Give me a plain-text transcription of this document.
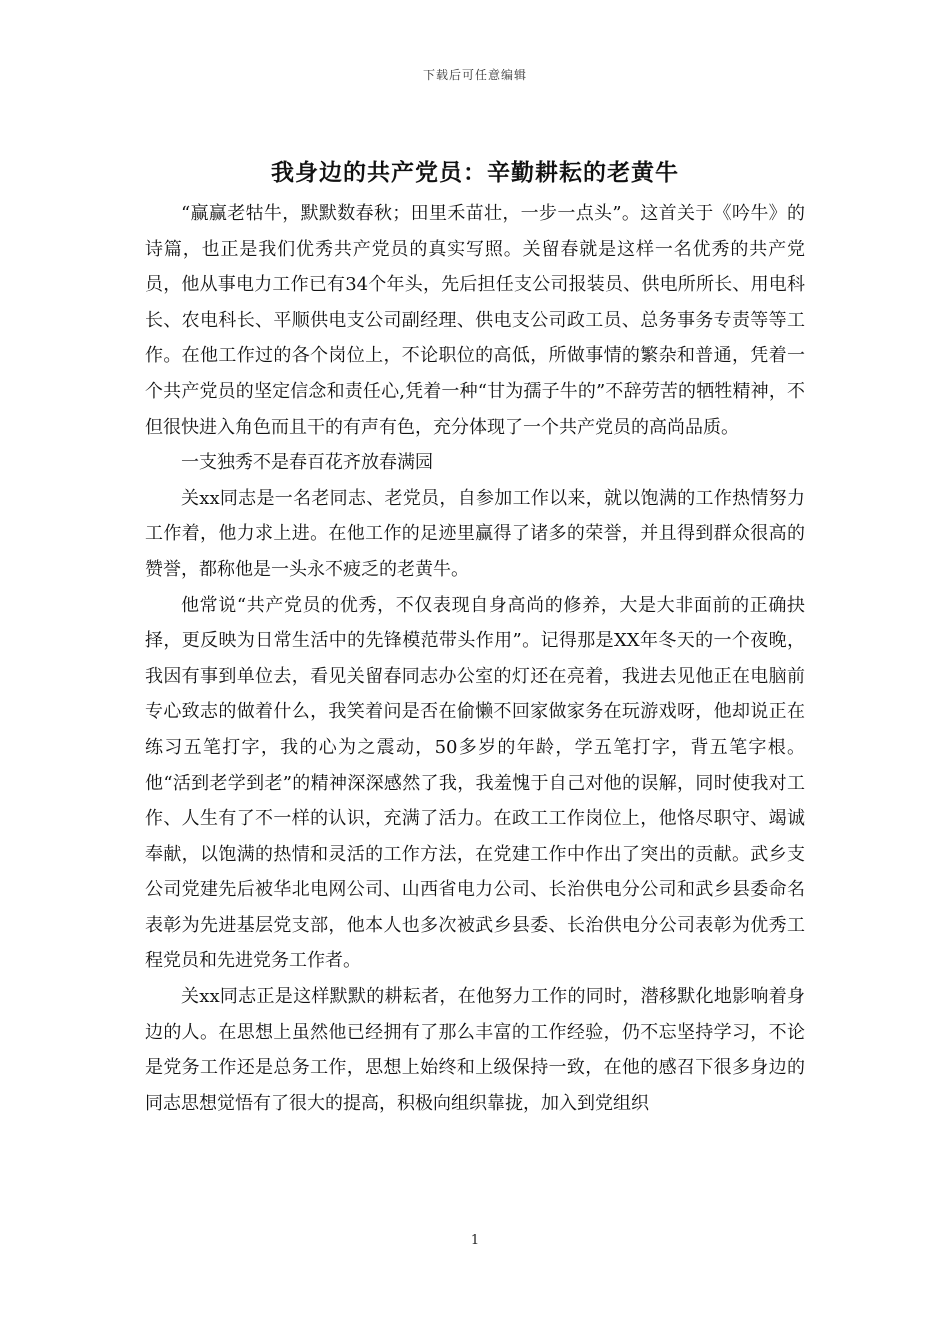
下载后可任意编辑
我身边的共产党员：辛勤耕耘的老黄牛

“赢赢老牯牛，默默数春秋；田里禾苗壮，一步一点头”。这首关于《吟牛》的诗篇，也正是我们优秀共产党员的真实写照。关留春就是这样一名优秀的共产党员，他从事电力工作已有34个年头，先后担任支公司报装员、供电所所长、用电科长、农电科长、平顺供电支公司副经理、供电支公司政工员、总务事务专责等等工作。在他工作过的各个岗位上，不论职位的高低，所做事情的繁杂和普通，凭着一个共产党员的坚定信念和责任心,凭着一种“甘为孺子牛的”不辞劳苦的牺牲精神，不但很快进入角色而且干的有声有色，充分体现了一个共产党员的高尚品质。

一支独秀不是春百花齐放春满园

关xx同志是一名老同志、老党员，自参加工作以来，就以饱满的工作热情努力工作着，他力求上进。在他工作的足迹里赢得了诸多的荣誉，并且得到群众很高的赞誉，都称他是一头永不疲乏的老黄牛。

他常说“共产党员的优秀，不仅表现自身高尚的修养，大是大非面前的正确抉择，更反映为日常生活中的先锋模范带头作用”。记得那是XX年冬天的一个夜晚，我因有事到单位去，看见关留春同志办公室的灯还在亮着，我进去见他正在电脑前专心致志的做着什么，我笑着问是否在偷懒不回家做家务在玩游戏呀，他却说正在练习五笔打字，我的心为之震动，50多岁的年龄，学五笔打字，背五笔字根。他“活到老学到老”的精神深深感然了我，我羞愧于自己对他的误解，同时使我对工作、人生有了不一样的认识，充满了活力。在政工工作岗位上，他恪尽职守、竭诚奉献，以饱满的热情和灵活的工作方法，在党建工作中作出了突出的贡献。武乡支公司党建先后被华北电网公司、山西省电力公司、长治供电分公司和武乡县委命名表彰为先进基层党支部，他本人也多次被武乡县委、长治供电分公司表彰为优秀工程党员和先进党务工作者。

关xx同志正是这样默默的耕耘者，在他努力工作的同时，潜移默化地影响着身边的人。在思想上虽然他已经拥有了那么丰富的工作经验，仍不忘坚持学习，不论是党务工作还是总务工作，思想上始终和上级保持一致，在他的感召下很多身边的同志思想觉悟有了很大的提高，积极向组织靠拢，加入到党组织

1
